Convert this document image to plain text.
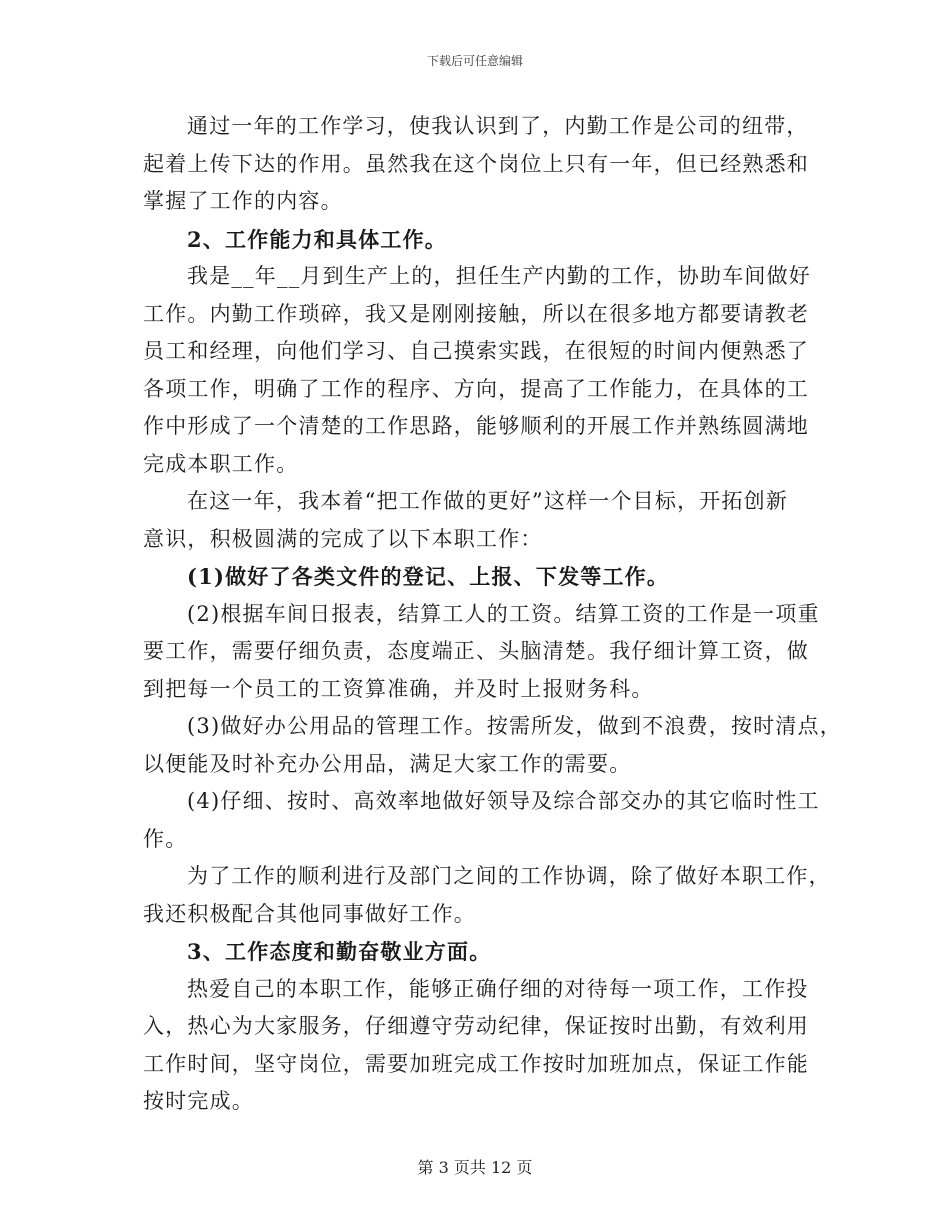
下载后可任意编辑
通过一年的工作学习，使我认识到了，内勤工作是公司的纽带，
起着上传下达的作用。虽然我在这个岗位上只有一年，但已经熟悉和
掌握了工作的内容。
2、工作能力和具体工作。
我是__年__月到生产上的，担任生产内勤的工作，协助车间做好
工作。内勤工作琐碎，我又是刚刚接触，所以在很多地方都要请教老
员工和经理，向他们学习、自己摸索实践，在很短的时间内便熟悉了
各项工作，明确了工作的程序、方向，提高了工作能力，在具体的工
作中形成了一个清楚的工作思路，能够顺利的开展工作并熟练圆满地
完成本职工作。
在这一年，我本着“把工作做的更好”这样一个目标，开拓创新
意识，积极圆满的完成了以下本职工作：
(1)做好了各类文件的登记、上报、下发等工作。
(2)根据车间日报表，结算工人的工资。结算工资的工作是一项重
要工作，需要仔细负责，态度端正、头脑清楚。我仔细计算工资，做
到把每一个员工的工资算准确，并及时上报财务科。
(3)做好办公用品的管理工作。按需所发，做到不浪费，按时清点，
以便能及时补充办公用品，满足大家工作的需要。
(4)仔细、按时、高效率地做好领导及综合部交办的其它临时性工
作。
为了工作的顺利进行及部门之间的工作协调，除了做好本职工作，
我还积极配合其他同事做好工作。
3、工作态度和勤奋敬业方面。
热爱自己的本职工作，能够正确仔细的对待每一项工作，工作投
入，热心为大家服务，仔细遵守劳动纪律，保证按时出勤，有效利用
工作时间，坚守岗位，需要加班完成工作按时加班加点，保证工作能
按时完成。
第 3 页共 12 页
